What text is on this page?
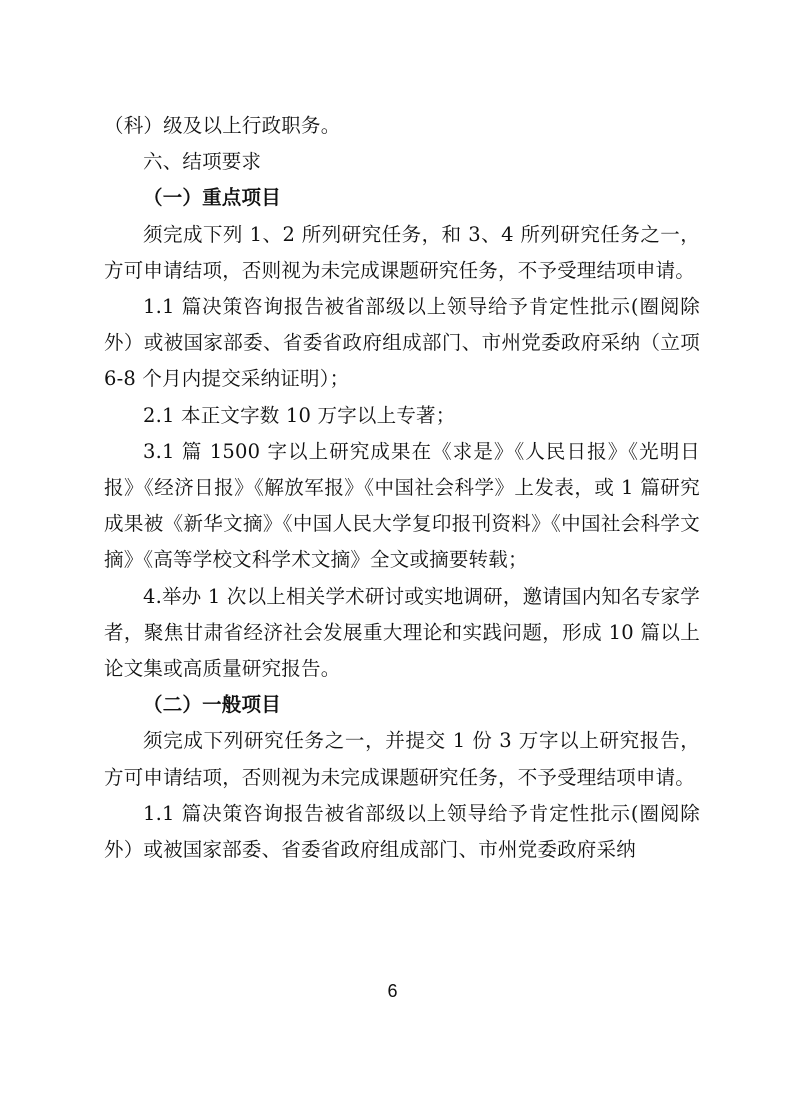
（科）级及以上行政职务。

六、结项要求

（一）重点项目

须完成下列 1、2 所列研究任务，和 3、4 所列研究任务之一，方可申请结项，否则视为未完成课题研究任务，不予受理结项申请。

1.1 篇决策咨询报告被省部级以上领导给予肯定性批示(圈阅除外）或被国家部委、省委省政府组成部门、市州党委政府采纳（立项 6-8 个月内提交采纳证明）；

2.1 本正文字数 10 万字以上专著；

3.1 篇 1500 字以上研究成果在《求是》《人民日报》《光明日报》《经济日报》《解放军报》《中国社会科学》上发表，或 1 篇研究成果被《新华文摘》《中国人民大学复印报刊资料》《中国社会科学文摘》《高等学校文科学术文摘》全文或摘要转载；

4.举办 1 次以上相关学术研讨或实地调研，邀请国内知名专家学者，聚焦甘肃省经济社会发展重大理论和实践问题，形成 10 篇以上论文集或高质量研究报告。

（二）一般项目

须完成下列研究任务之一，并提交 1 份 3 万字以上研究报告，方可申请结项，否则视为未完成课题研究任务，不予受理结项申请。

1.1 篇决策咨询报告被省部级以上领导给予肯定性批示(圈阅除外）或被国家部委、省委省政府组成部门、市州党委政府采纳

6
